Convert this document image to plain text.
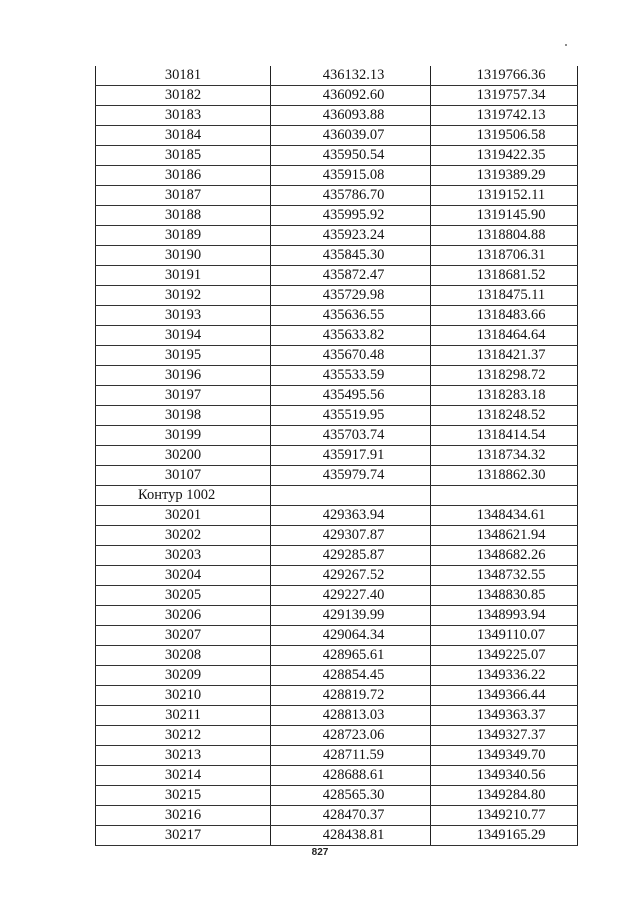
30181	436132.13	1319766.36
30182	436092.60	1319757.34
30183	436093.88	1319742.13
30184	436039.07	1319506.58
30185	435950.54	1319422.35
30186	435915.08	1319389.29
30187	435786.70	1319152.11
30188	435995.92	1319145.90
30189	435923.24	1318804.88
30190	435845.30	1318706.31
30191	435872.47	1318681.52
30192	435729.98	1318475.11
30193	435636.55	1318483.66
30194	435633.82	1318464.64
30195	435670.48	1318421.37
30196	435533.59	1318298.72
30197	435495.56	1318283.18
30198	435519.95	1318248.52
30199	435703.74	1318414.54
30200	435917.91	1318734.32
30107	435979.74	1318862.30
Контур 1002		
30201	429363.94	1348434.61
30202	429307.87	1348621.94
30203	429285.87	1348682.26
30204	429267.52	1348732.55
30205	429227.40	1348830.85
30206	429139.99	1348993.94
30207	429064.34	1349110.07
30208	428965.61	1349225.07
30209	428854.45	1349336.22
30210	428819.72	1349366.44
30211	428813.03	1349363.37
30212	428723.06	1349327.37
30213	428711.59	1349349.70
30214	428688.61	1349340.56
30215	428565.30	1349284.80
30216	428470.37	1349210.77
30217	428438.81	1349165.29
827
